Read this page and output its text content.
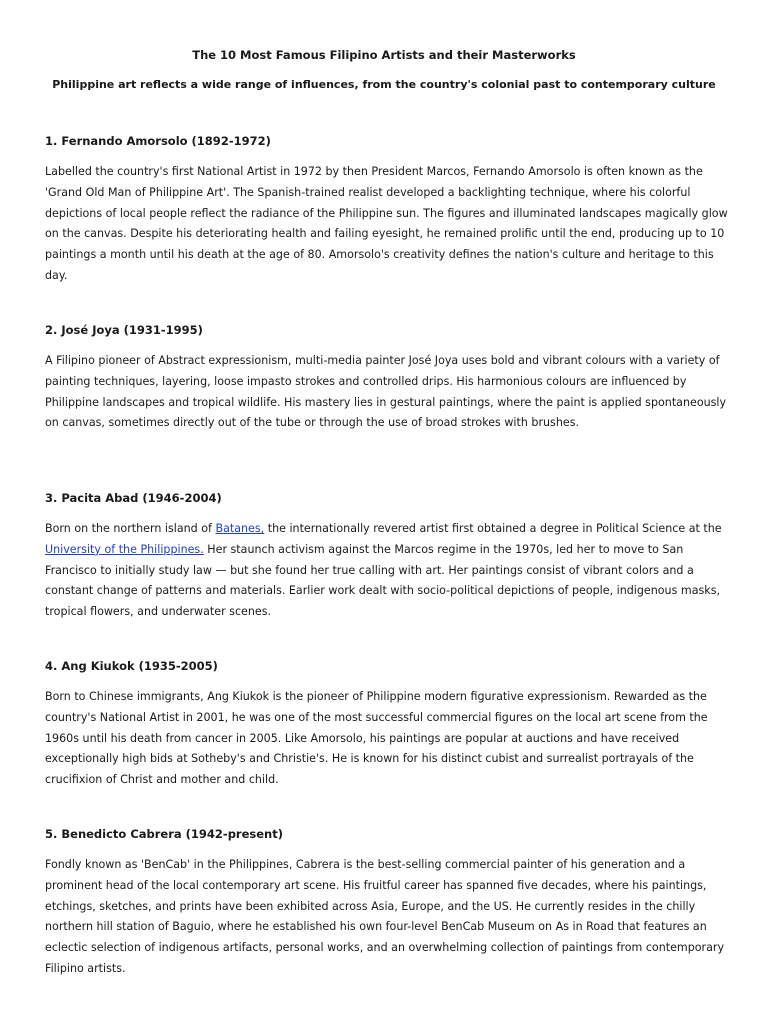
The 10 Most Famous Filipino Artists and their Masterworks

Philippine art reflects a wide range of influences, from the country's colonial past to contemporary culture

1. Fernando Amorsolo (1892-1972)

Labelled the country's first National Artist in 1972 by then President Marcos, Fernando Amorsolo is often known as the 'Grand Old Man of Philippine Art'. The Spanish-trained realist developed a backlighting technique, where his colorful depictions of local people reflect the radiance of the Philippine sun. The figures and illuminated landscapes magically glow on the canvas. Despite his deteriorating health and failing eyesight, he remained prolific until the end, producing up to 10 paintings a month until his death at the age of 80. Amorsolo's creativity defines the nation's culture and heritage to this day.

2. José Joya (1931-1995)

A Filipino pioneer of Abstract expressionism, multi-media painter José Joya uses bold and vibrant colours with a variety of painting techniques, layering, loose impasto strokes and controlled drips. His harmonious colours are influenced by Philippine landscapes and tropical wildlife. His mastery lies in gestural paintings, where the paint is applied spontaneously on canvas, sometimes directly out of the tube or through the use of broad strokes with brushes.

3. Pacita Abad (1946-2004)

Born on the northern island of Batanes, the internationally revered artist first obtained a degree in Political Science at the University of the Philippines. Her staunch activism against the Marcos regime in the 1970s, led her to move to San Francisco to initially study law — but she found her true calling with art. Her paintings consist of vibrant colors and a constant change of patterns and materials. Earlier work dealt with socio-political depictions of people, indigenous masks, tropical flowers, and underwater scenes.

4. Ang Kiukok (1935-2005)

Born to Chinese immigrants, Ang Kiukok is the pioneer of Philippine modern figurative expressionism. Rewarded as the country's National Artist in 2001, he was one of the most successful commercial figures on the local art scene from the 1960s until his death from cancer in 2005. Like Amorsolo, his paintings are popular at auctions and have received exceptionally high bids at Sotheby's and Christie's. He is known for his distinct cubist and surrealist portrayals of the crucifixion of Christ and mother and child.

5. Benedicto Cabrera (1942-present)

Fondly known as 'BenCab' in the Philippines, Cabrera is the best-selling commercial painter of his generation and a prominent head of the local contemporary art scene. His fruitful career has spanned five decades, where his paintings, etchings, sketches, and prints have been exhibited across Asia, Europe, and the US. He currently resides in the chilly northern hill station of Baguio, where he established his own four-level BenCab Museum on As in Road that features an eclectic selection of indigenous artifacts, personal works, and an overwhelming collection of paintings from contemporary Filipino artists.
